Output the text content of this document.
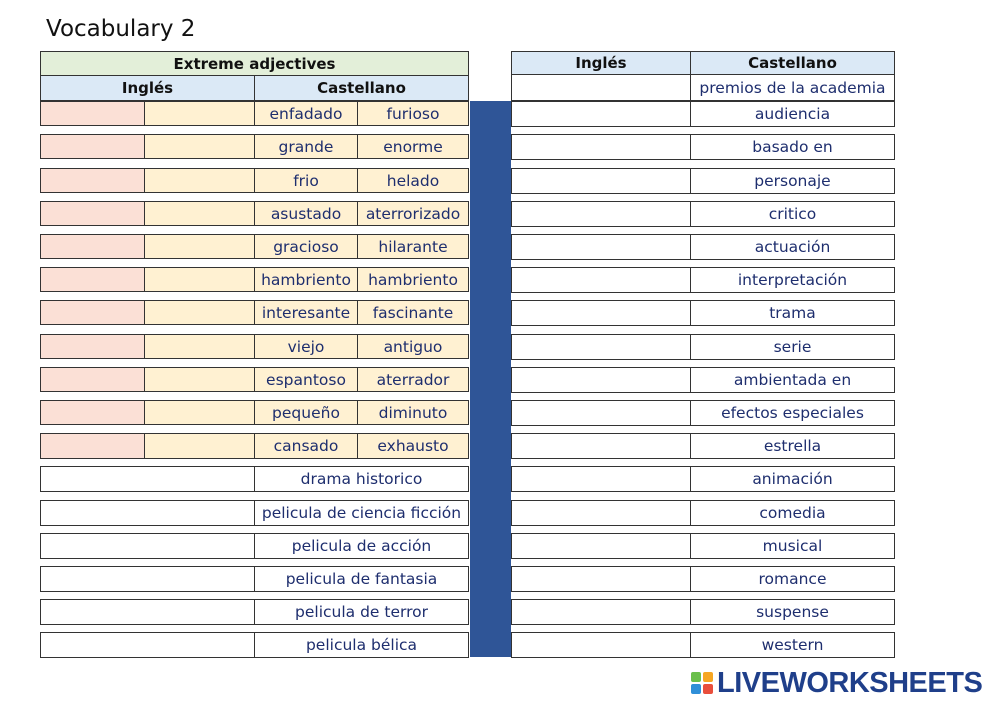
Vocabulary 2
Extreme adjectives
Inglés	Castellano
enfadado	furioso
grande	enorme
frio	helado
asustado	aterrorizado
gracioso	hilarante
hambriento	hambriento
interesante	fascinante
viejo	antiguo
espantoso	aterrador
pequeño	diminuto
cansado	exhausto
drama historico
pelicula de ciencia ficción
pelicula de acción
pelicula de fantasia
pelicula de terror
pelicula bélica
Inglés	Castellano
premios de la academia
audiencia
basado en
personaje
critico
actuación
interpretación
trama
serie
ambientada en
efectos especiales
estrella
animación
comedia
musical
romance
suspense
western
LIVEWORKSHEETS
